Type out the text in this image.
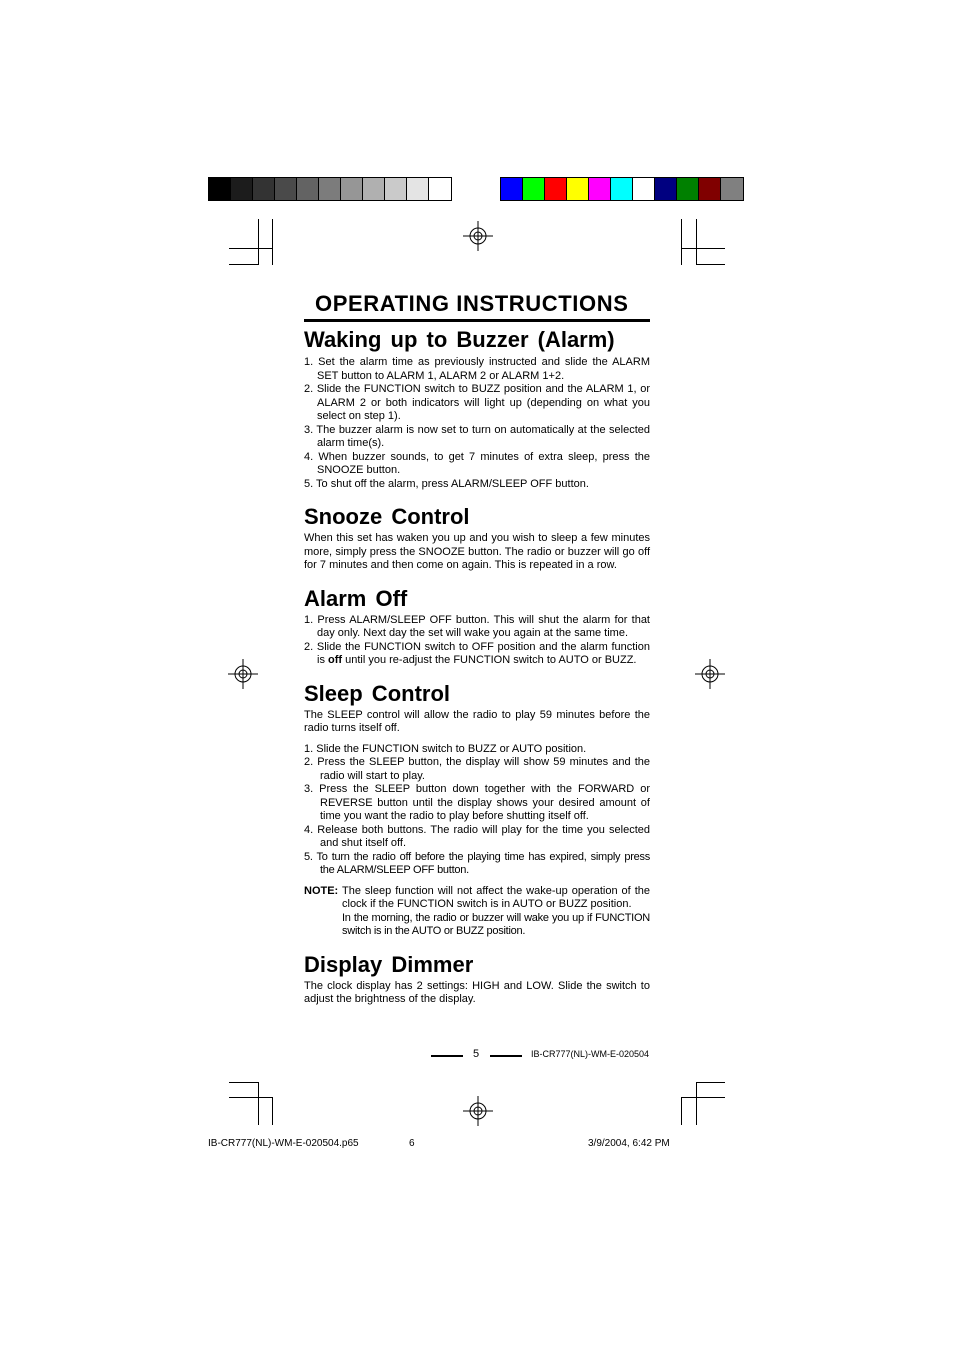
OPERATING INSTRUCTIONS
Waking up to Buzzer (Alarm)
1. Set the alarm time as previously instructed and slide the ALARM SET button to ALARM 1, ALARM 2 or ALARM 1+2.
2. Slide the FUNCTION switch to BUZZ position and the ALARM 1, or ALARM 2 or both indicators will light up (depending on what you select on step 1).
3. The buzzer alarm is now set to turn on automatically at the selected alarm time(s).
4. When buzzer sounds, to get 7 minutes of extra sleep, press the SNOOZE button.
5. To shut off the alarm, press ALARM/SLEEP OFF button.
Snooze Control

When this set has waken you up and you wish to sleep a few minutes more, simply press the SNOOZE button. The radio or buzzer will go off for 7 minutes and then come on again. This is repeated in a row.

Alarm Off
1. Press ALARM/SLEEP OFF button. This will shut the alarm for that day only. Next day the set will wake you again at the same time.
2. Slide the FUNCTION switch to OFF position and the alarm function is off until you re-adjust the FUNCTION switch to AUTO or BUZZ.
Sleep Control

The SLEEP control will allow the radio to play 59 minutes before the radio turns itself off.

1. Slide the FUNCTION switch to BUZZ or AUTO position.
2. Press the SLEEP button, the display will show 59 minutes and the radio will start to play.
3. Press the SLEEP button down together with the FORWARD or REVERSE button until the display shows your desired amount of time you want the radio to play before shutting itself off.
4. Release both buttons. The radio will play for the time you selected and shut itself off.
5. To turn the radio off before the playing time has expired, simply press the ALARM/SLEEP OFF button.
NOTE: The sleep function will not affect the wake-up operation of the clock if the FUNCTION switch is in AUTO or BUZZ position.
In the morning, the radio or buzzer will wake you up if FUNCTION switch is in the AUTO or BUZZ position.
Display Dimmer

The clock display has 2 settings: HIGH and LOW. Slide the switch to adjust the brightness of the display.

5	IB-CR777(NL)-WM-E-020504
IB-CR777(NL)-WM-E-020504.p65	6	3/9/2004, 6:42 PM
